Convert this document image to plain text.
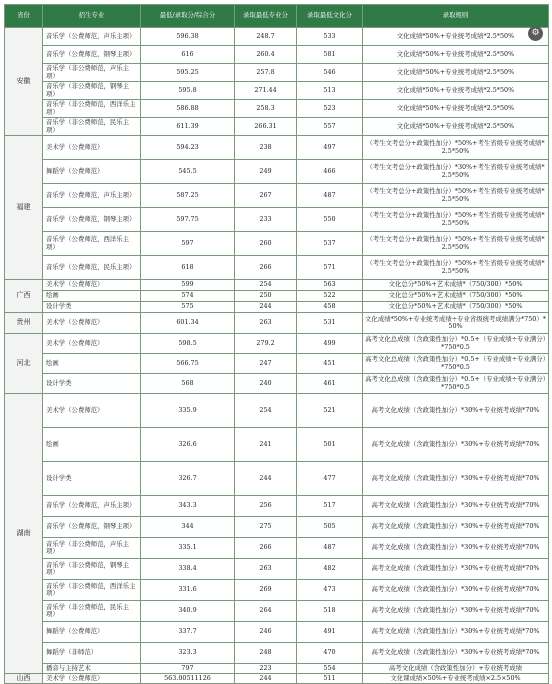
省份	招生专业	最低/录取分/综合分	录取最低专业分	录取最低文化分	录取规则
安徽	音乐学（公费师范，声乐主项）	596.38	248.7	533	文化成绩*50%+专业统考成绩*2.5*50%
	音乐学（公费师范，钢琴主项）	616	260.4	581	文化成绩*50%+专业统考成绩*2.5*50%
	音乐学（非公费师范，声乐主项）	595.25	257.8	546	文化成绩*50%+专业统考成绩*2.5*50%
	音乐学（非公费师范，钢琴主项）	595.8	271.44	513	文化成绩*50%+专业统考成绩*2.5*50%
	音乐学（非公费师范，西洋乐主项）	586.88	258.3	523	文化成绩*50%+专业统考成绩*2.5*50%
	音乐学（非公费师范，民乐主项）	611.39	266.31	557	文化成绩*50%+专业统考成绩*2.5*50%
福建	美术学（公费师范）	594.23	238	497	（考生文考总分+政策性加分）*50%+考生省级专业统考成绩*2.5*50%
	舞蹈学（公费师范）	545.5	249	466	（考生文考总分+政策性加分）*30%+考生省级专业统考成绩*2.5*50%
	音乐学（公费师范，声乐主项）	587.25	267	487	（考生文考总分+政策性加分）*50%+考生省级专业统考成绩*2.5*50%
	音乐学（公费师范，钢琴主项）	597.75	233	550	（考生文考总分+政策性加分）*50%+考生省级专业统考成绩*2.5*50%
	音乐学（公费师范，西洋乐主项）	597	260	537	（考生文考总分+政策性加分）*50%+考生省级专业统考成绩*2.5*50%
	音乐学（公费师范，民乐主项）	618	266	571	（考生文考总分+政策性加分）*50%+考生省级专业统考成绩*2.5*50%
广西	美术学（公费师范）	599	254	563	文化总分*50%+艺术成绩*（750/300）*50%
	绘画	574	250	522	文化总分*50%+艺术成绩*（750/300）*50%
	设计学类	575	244	458	文化总分*50%+艺术成绩*（750/300）*50%
贵州	美术学（公费师范）	601.34	263	531	文化成绩*50%+专业统考成绩÷专业省级统考成绩满分*750）*50%
河北	美术学（公费师范）	598.5	279.2	499	高考文化总成绩（含政策性加分）*0.5+（专业成绩÷专业满分）*750*0.5
	绘画	566.75	247	451	高考文化总成绩（含政策性加分）*0.5+（专业成绩÷专业满分）*750*0.5
	设计学类	568	240	461	高考文化总成绩（含政策性加分）*0.5+（专业成绩÷专业满分）*750*0.5
湖南	美术学（公费师范）	335.9	254	521	高考文化成绩（含政策性加分）*30%+专业统考成绩*70%
	绘画	326.6	241	501	高考文化成绩（含政策性加分）*30%+专业统考成绩*70%
	设计学类	326.7	244	477	高考文化成绩（含政策性加分）*30%+专业统考成绩*70%
	音乐学（公费师范，声乐主项）	343.3	256	517	高考文化成绩（含政策性加分）*30%+专业统考成绩*70%
	音乐学（公费师范，钢琴主项）	344	275	505	高考文化成绩（含政策性加分）*30%+专业统考成绩*70%
	音乐学（非公费师范，声乐主项）	335.1	266	487	高考文化成绩（含政策性加分）*30%+专业统考成绩*70%
	音乐学（非公费师范，钢琴主项）	338.4	263	482	高考文化成绩（含政策性加分）*30%+专业统考成绩*70%
	音乐学（非公费师范，西洋乐主项）	331.6	269	473	高考文化成绩（含政策性加分）*30%+专业统考成绩*70%
	音乐学（非公费师范，民乐主项）	340.9	264	518	高考文化成绩（含政策性加分）*30%+专业统考成绩*70%
	舞蹈学（公费师范）	337.7	246	491	高考文化成绩（含政策性加分）*30%+专业统考成绩*70%
	舞蹈学（非师范）	323.3	248	470	高考文化成绩（含政策性加分）*30%+专业统考成绩*70%
	播音与主持艺术	797	223	554	高考文化成绩（含政策性加分）+专业统考成绩
山西	美术学（公费师范）	563.00511126	244	511	文化课成绩×50%+专业统考成绩×2.5×50%
⚙
